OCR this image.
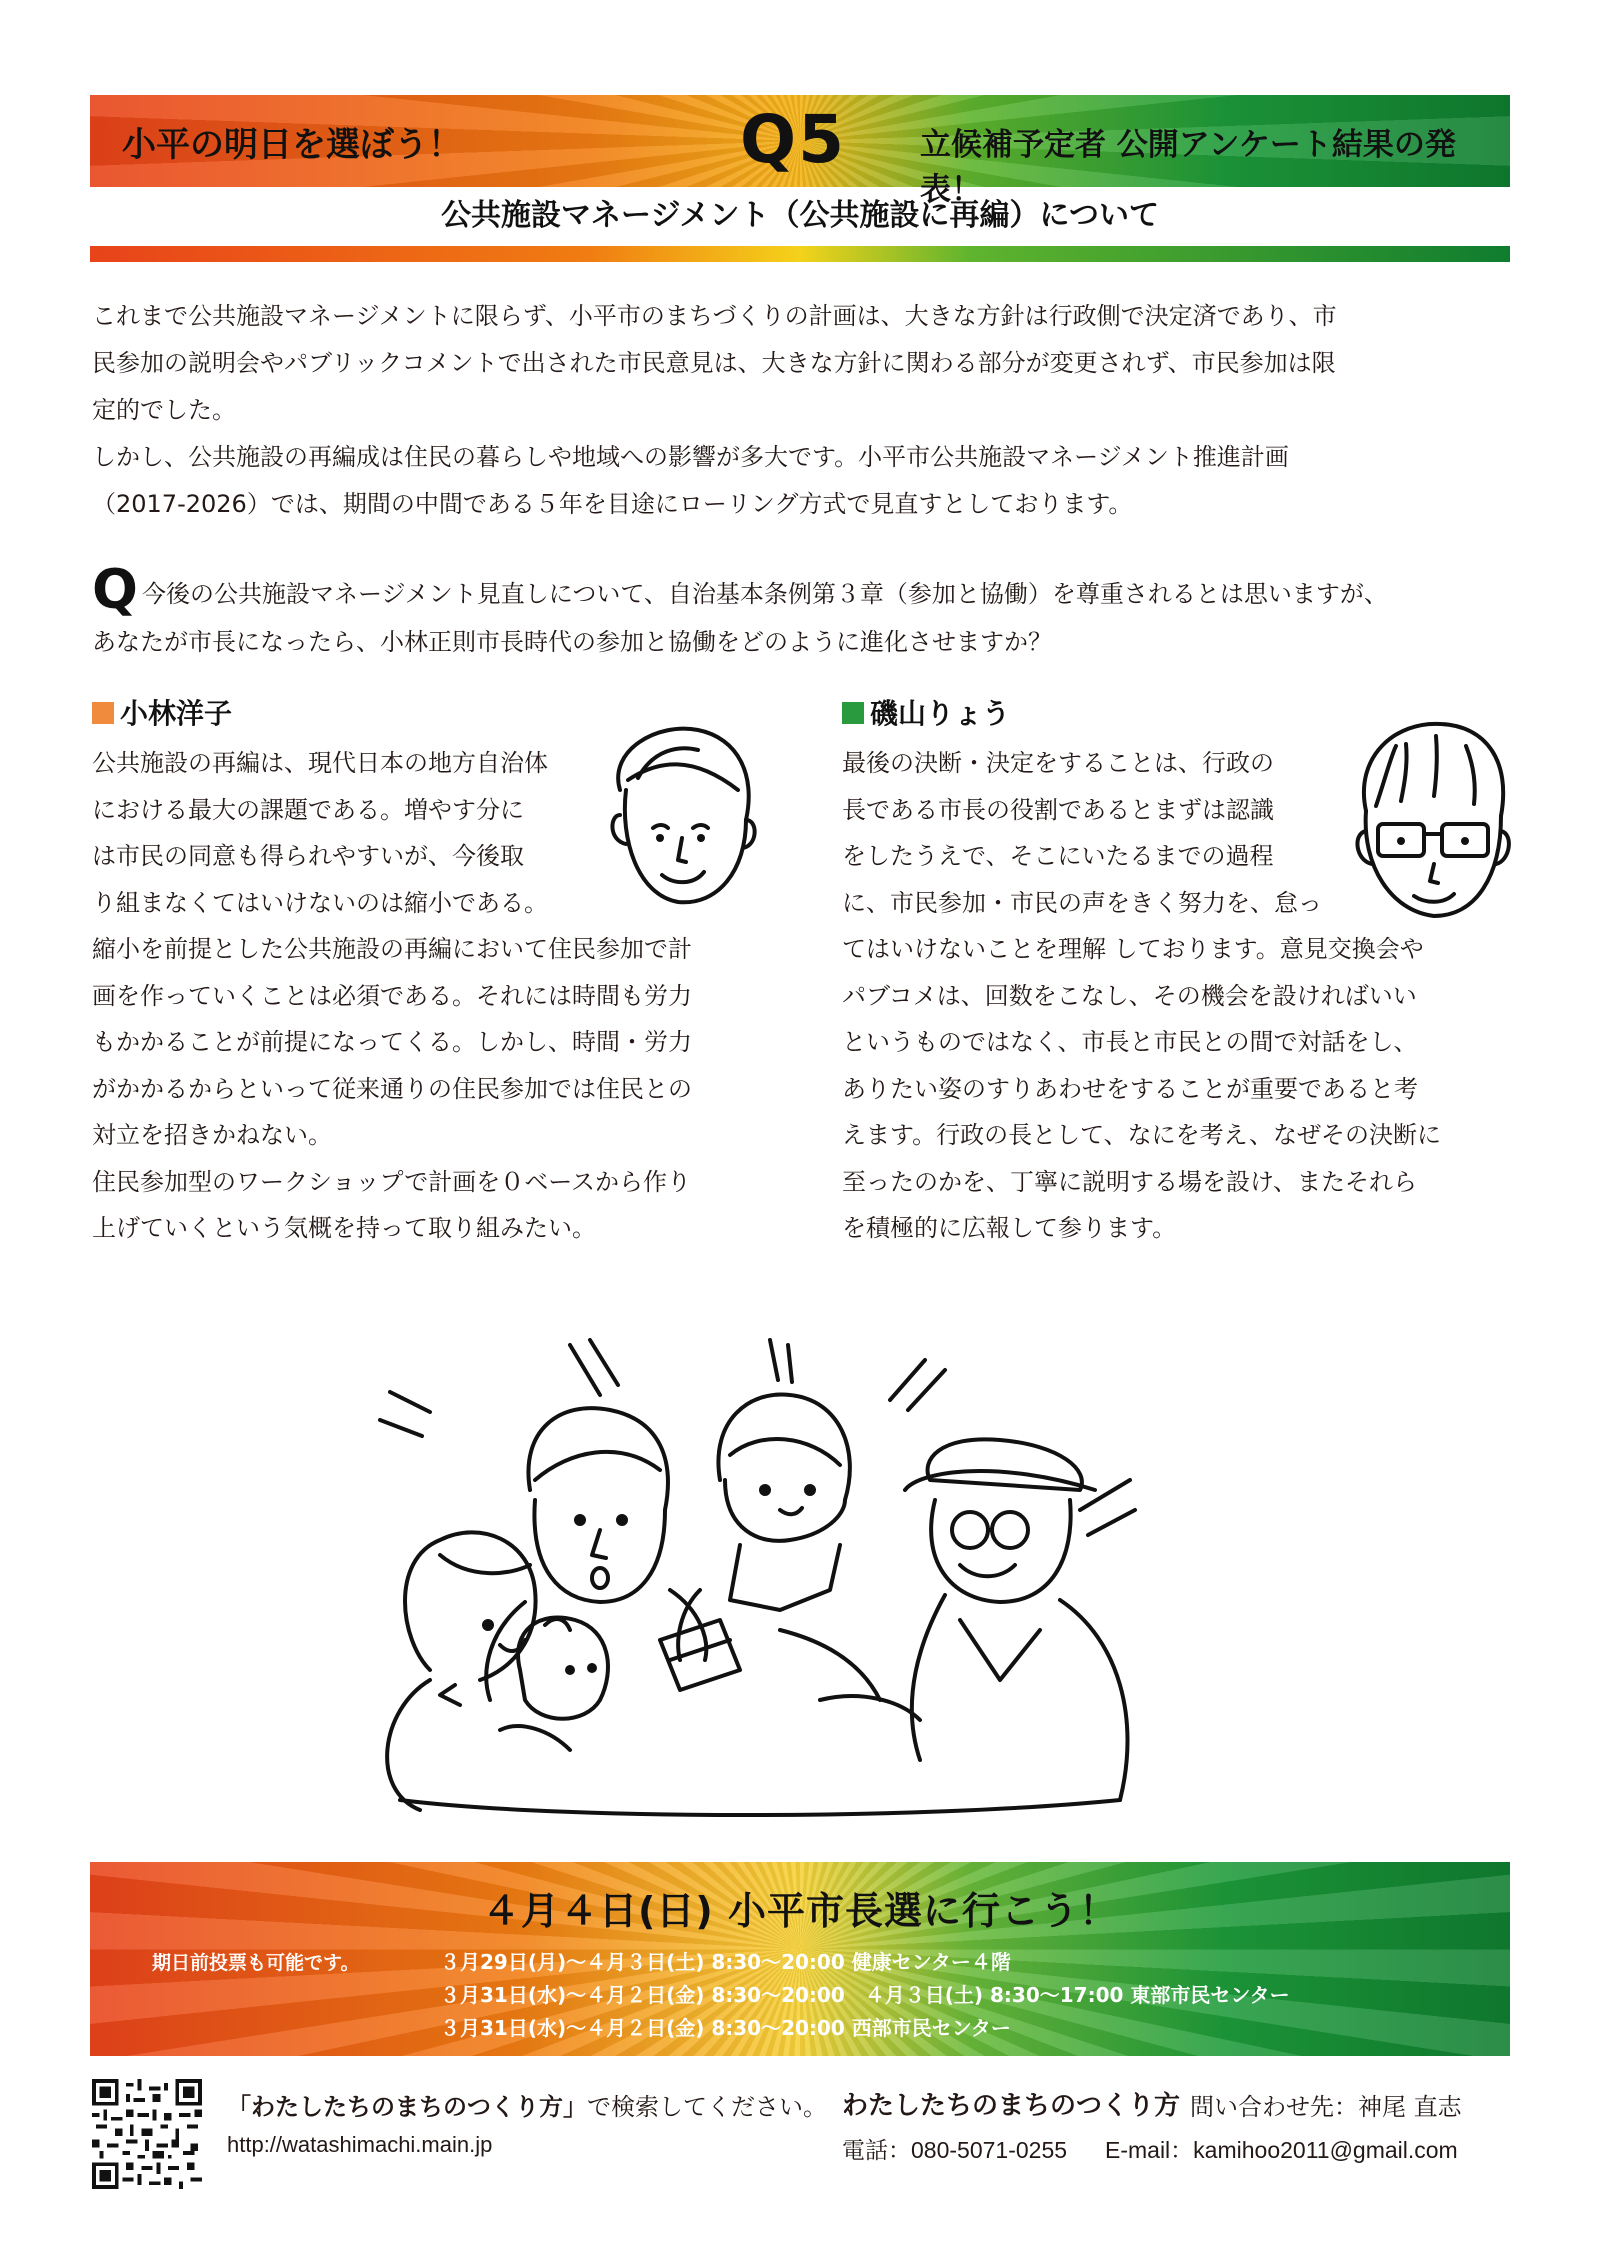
小平の明日を選ぼう！	Q5 立候補予定者 公開アンケート結果の発表！
公共施設マネージメント（公共施設に再編）について
これまで公共施設マネージメントに限らず、小平市のまちづくりの計画は、大きな方針は行政側で決定済であり、市
民参加の説明会やパブリックコメントで出された市民意見は、大きな方針に関わる部分が変更されず、市民参加は限
定的でした。
しかし、公共施設の再編成は住民の暮らしや地域への影響が多大です。小平市公共施設マネージメント推進計画
（2017-2026）では、期間の中間である５年を目途にローリング方式で見直すとしております。
Q 今後の公共施設マネージメント見直しについて、自治基本条例第３章（参加と協働）を尊重されるとは思いますが、
あなたが市長になったら、小林正則市長時代の参加と協働をどのように進化させますか？
小林洋子	磯山りょう
公共施設の再編は、現代日本の地方自治体
における最大の課題である。増やす分に
は市民の同意も得られやすいが、今後取
り組まなくてはいけないのは縮小である。
縮小を前提とした公共施設の再編において住民参加で計
画を作っていくことは必須である。それには時間も労力
もかかることが前提になってくる。しかし、時間・労力
がかかるからといって従来通りの住民参加では住民との
対立を招きかねない。
住民参加型のワークショップで計画を０ベースから作り
上げていくという気概を持って取り組みたい。
最後の決断・決定をすることは、行政の
長である市長の役割であるとまずは認識
をしたうえで、そこにいたるまでの過程
に、市民参加・市民の声をきく努力を、怠っ
てはいけないことを理解 しております。意見交換会や
パブコメは、回数をこなし、その機会を設ければいい
というものではなく、市長と市民との間で対話をし、
ありたい姿のすりあわせをすることが重要であると考
えます。行政の長として、なにを考え、なぜその決断に
至ったのかを、丁寧に説明する場を設け、またそれら
を積極的に広報して参ります。
４月４日(日) 小平市長選に行こう！
期日前投票も可能です。	３月29日(月)～４月３日(土) 8:30～20:00 健康センター４階
３月31日(水)～４月２日(金) 8:30～20:00　４月３日(土) 8:30～17:00 東部市民センター
３月31日(水)～４月２日(金) 8:30～20:00 西部市民センター
「わたしたちのまちのつくり方」で検索してください。
http://watashimachi.main.jp
わたしたちのまちのつくり方 問い合わせ先：神尾 直志
電話：080-5071-0255 E-mail：kamihoo2011@gmail.com
